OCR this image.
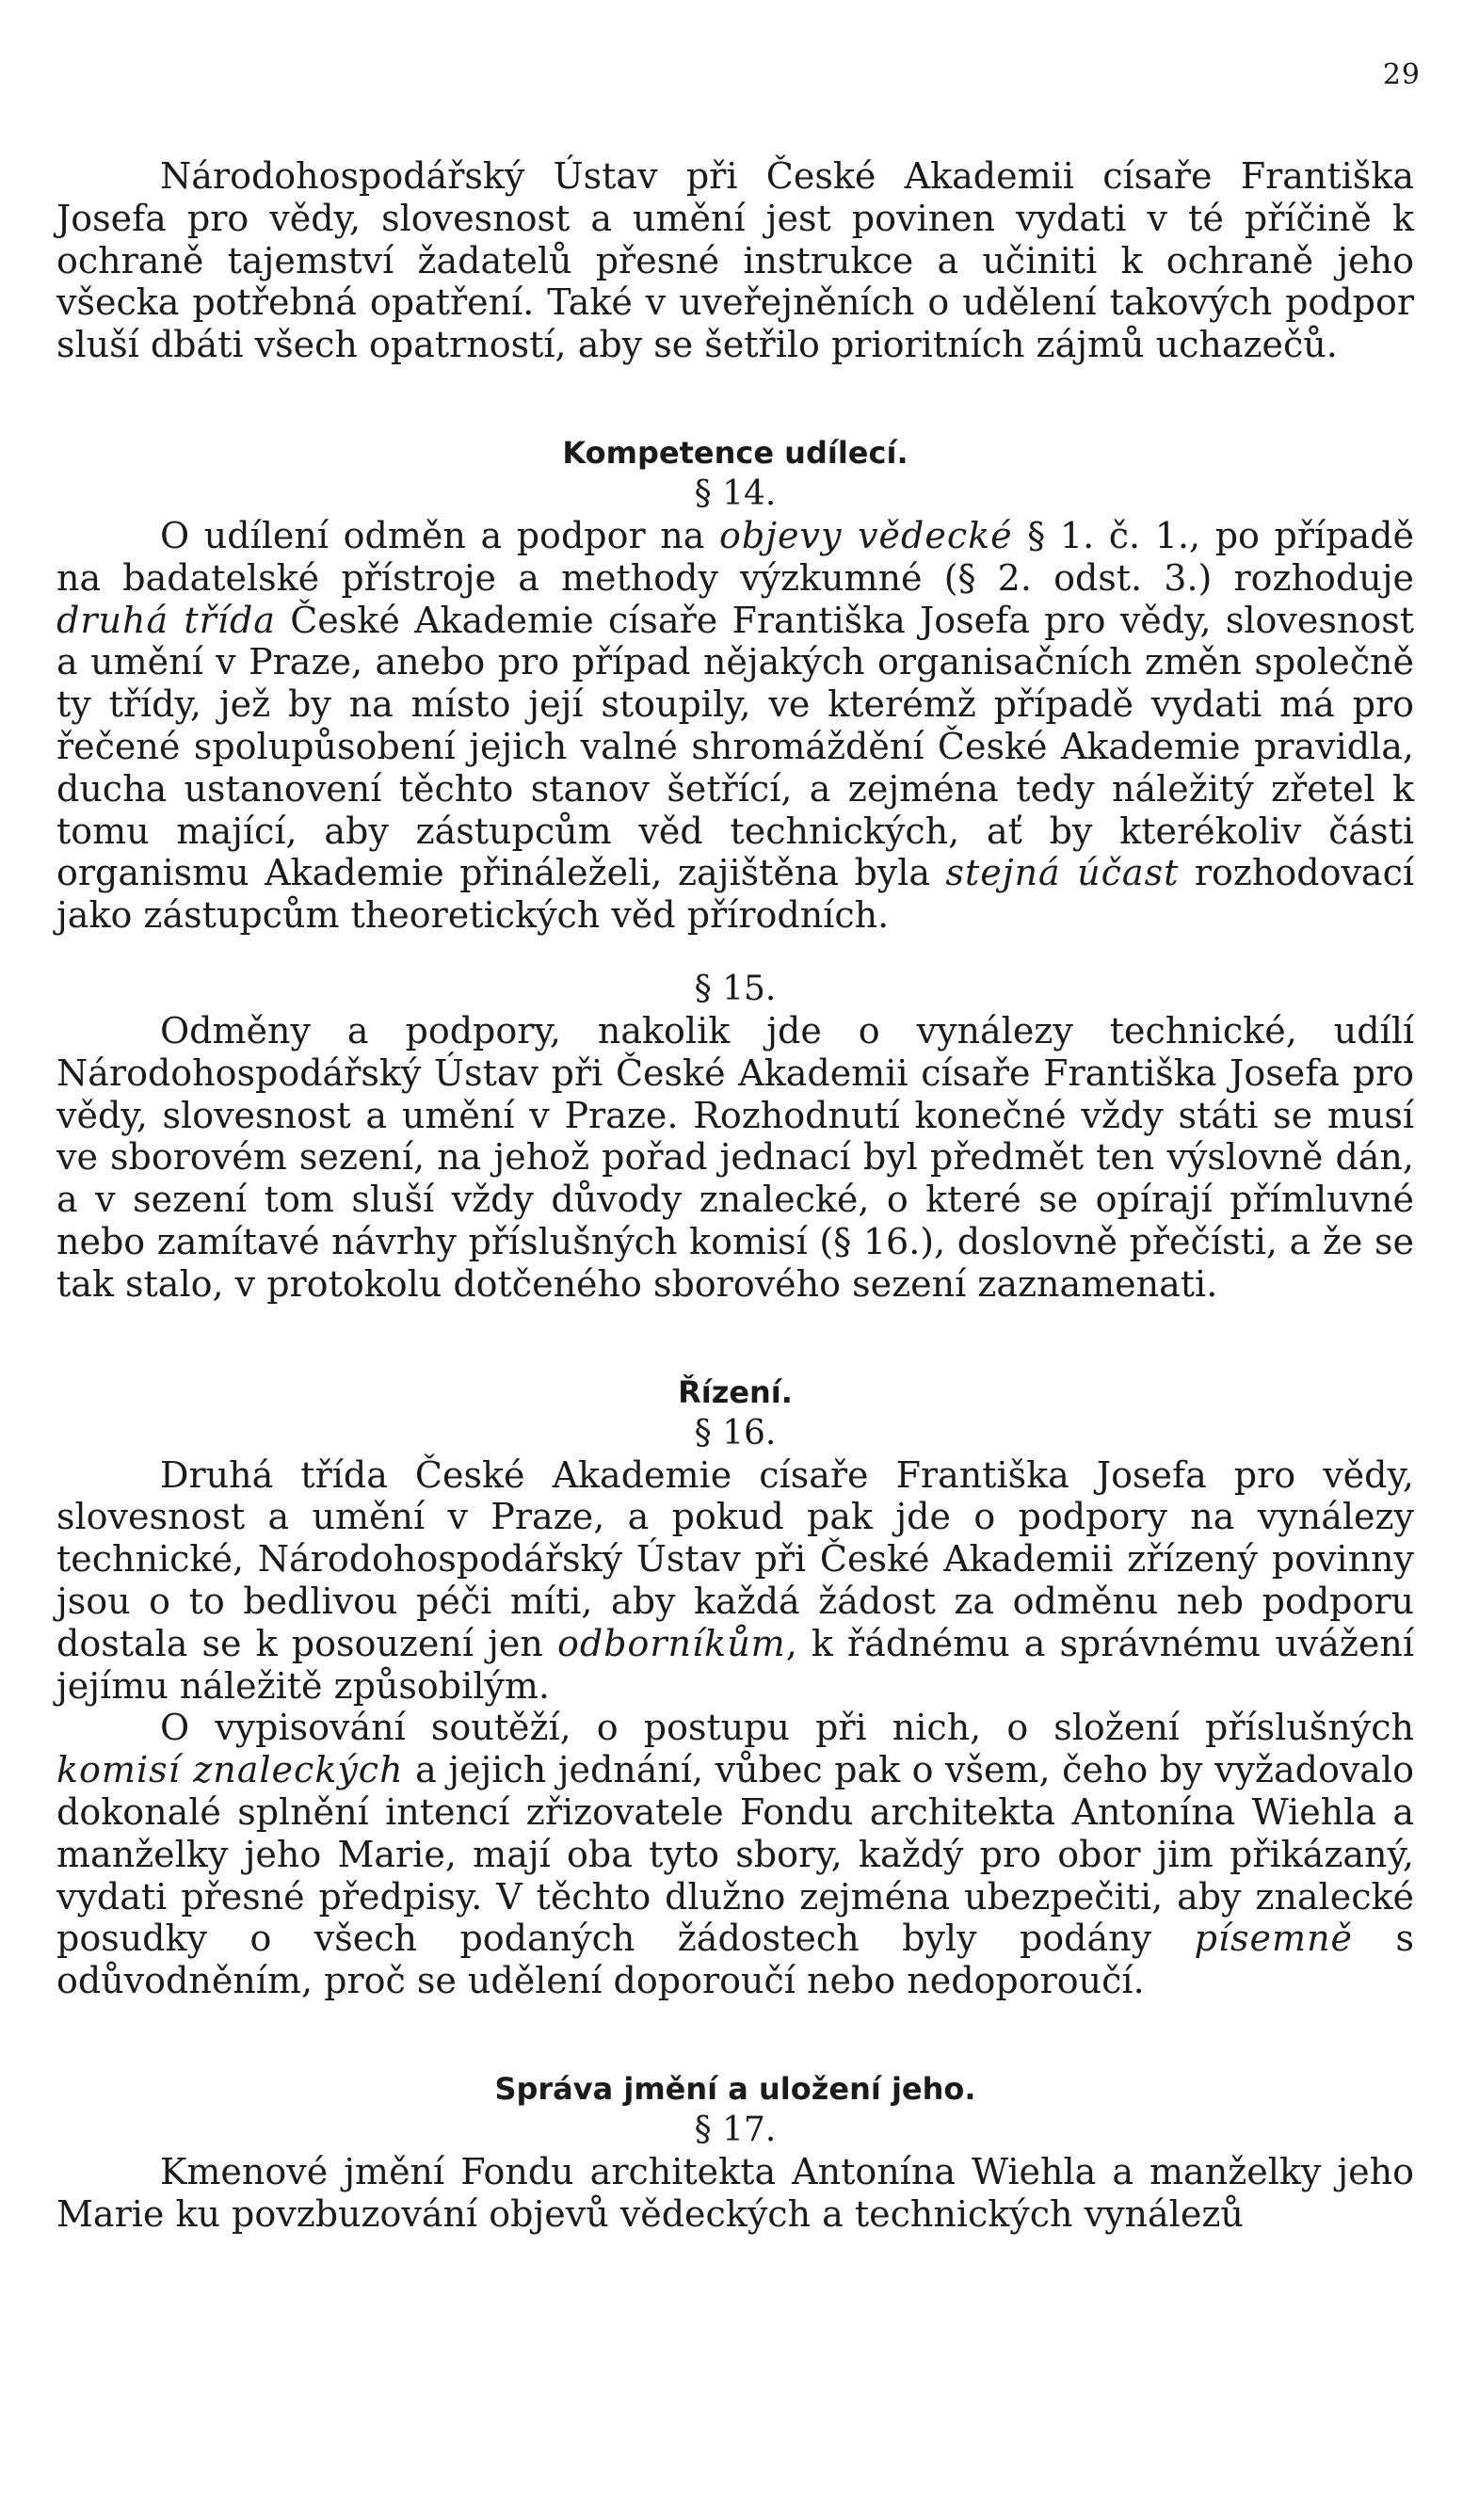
29

Národohospodářský Ústav při České Akademii císaře Františka Josefa pro vědy, slovesnost a umění jest povinen vydati v té příčině k ochraně tajemství žadatelů přesné instrukce a učiniti k ochraně jeho všecka potřebná opatření. Také v uveřejněních o udělení takových podpor sluší dbáti všech opatrností, aby se šetřilo prioritních zájmů uchazečů.

Kompetence udílecí.
§ 14.

O udílení odměn a podpor na objevy vědecké § 1. č. 1., po případě na badatelské přístroje a methody výzkumné (§ 2. odst. 3.) rozhoduje druhá třída České Akademie císaře Františka Josefa pro vědy, slovesnost a umění v Praze, anebo pro případ nějakých organisačních změn společně ty třídy, jež by na místo její stoupily, ve kterémž případě vydati má pro řečené spolupůsobení jejich valné shromáždění České Akademie pravidla, ducha ustanovení těchto stanov šetřící, a zejména tedy náležitý zřetel k tomu mající, aby zástupcům věd technických, ať by kterékoliv části organismu Akademie přináleželi, zajištěna byla stejná účast rozhodovací jako zástupcům theoretických věd přírodních.

§ 15.

Odměny a podpory, nakolik jde o vynálezy technické, udílí Národohospodářský Ústav při České Akademii císaře Františka Josefa pro vědy, slovesnost a umění v Praze. Rozhodnutí konečné vždy státi se musí ve sborovém sezení, na jehož pořad jednací byl předmět ten výslovně dán, a v sezení tom sluší vždy důvody znalecké, o které se opírají přímluvné nebo zamítavé návrhy příslušných komisí (§ 16.), doslovně přečísti, a že se tak stalo, v protokolu dotčeného sborového sezení zaznamenati.

Řízení.
§ 16.

Druhá třída České Akademie císaře Františka Josefa pro vědy, slovesnost a umění v Praze, a pokud pak jde o podpory na vynálezy technické, Národohospodářský Ústav při České Akademii zřízený povinny jsou o to bedlivou péči míti, aby každá žádost za odměnu neb podporu dostala se k posouzení jen odborníkům, k řádnému a správnému uvážení jejímu náležitě způsobilým.

O vypisování soutěží, o postupu při nich, o složení příslušných komisí znaleckých a jejich jednání, vůbec pak o všem, čeho by vyžadovalo dokonalé splnění intencí zřizovatele Fondu architekta Antonína Wiehla a manželky jeho Marie, mají oba tyto sbory, každý pro obor jim přikázaný, vydati přesné předpisy. V těchto dlužno zejména ubezpečiti, aby znalecké posudky o všech podaných žádostech byly podány písemně s odůvodněním, proč se udělení doporoučí nebo nedoporoučí.

Správa jmění a uložení jeho.
§ 17.

Kmenové jmění Fondu architekta Antonína Wiehla a manželky jeho Marie ku povzbuzování objevů vědeckých a technických vynálezů
